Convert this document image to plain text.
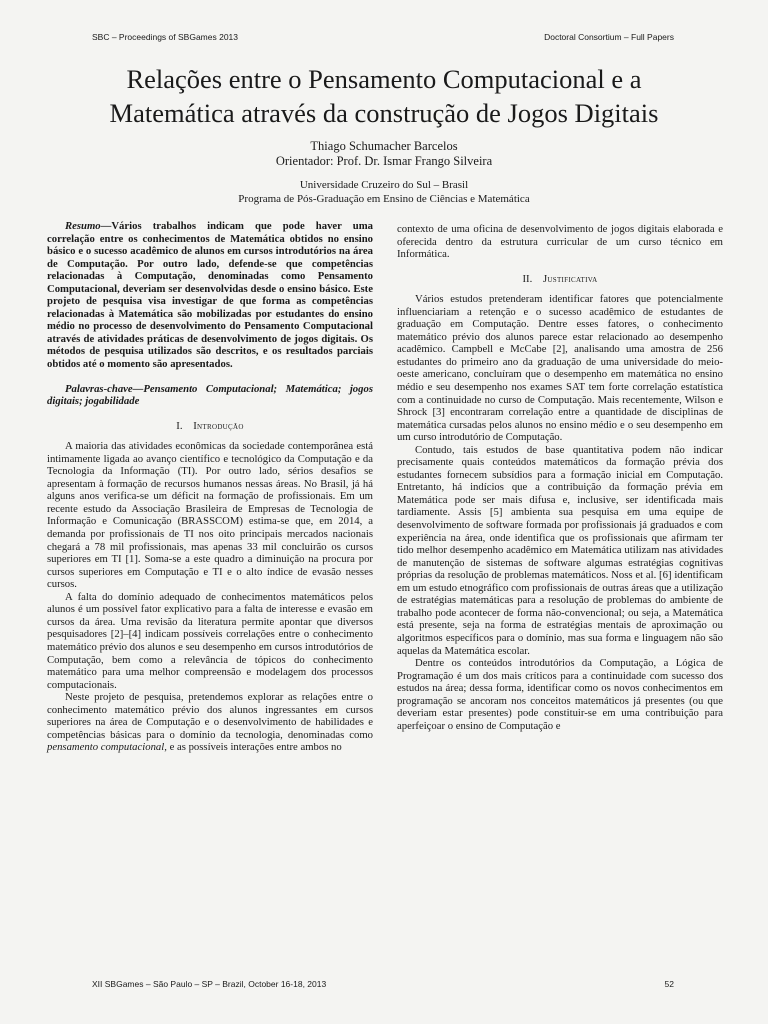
SBC – Proceedings of SBGames 2013	Doctoral Consortium – Full Papers
Relações entre o Pensamento Computacional e a
Matemática através da construção de Jogos Digitais
Thiago Schumacher Barcelos
Orientador: Prof. Dr. Ismar Frango Silveira
Universidade Cruzeiro do Sul – Brasil
Programa de Pós-Graduação em Ensino de Ciências e Matemática

Resumo—Vários trabalhos indicam que pode haver uma correlação entre os conhecimentos de Matemática obtidos no ensino básico e o sucesso acadêmico de alunos em cursos introdutórios na área de Computação. Por outro lado, defende-se que competências relacionadas à Computação, denominadas como Pensamento Computacional, deveriam ser desenvolvidas desde o ensino básico. Este projeto de pesquisa visa investigar de que forma as competências relacionadas à Matemática são mobilizadas por estudantes do ensino médio no processo de desenvolvimento do Pensamento Computacional através de atividades práticas de desenvolvimento de jogos digitais. Os métodos de pesquisa utilizados são descritos, e os resultados parciais obtidos até o momento são apresentados.

Palavras-chave—Pensamento Computacional; Matemática; jogos digitais; jogabilidade

I. Introdução

A maioria das atividades econômicas da sociedade contemporânea está intimamente ligada ao avanço científico e tecnológico da Computação e da Tecnologia da Informação (TI). Por outro lado, sérios desafios se apresentam à formação de recursos humanos nessas áreas. No Brasil, já há alguns anos verifica-se um déficit na formação de profissionais. Em um recente estudo da Associação Brasileira de Empresas de Tecnologia de Informação e Comunicação (BRASSCOM) estima-se que, em 2014, a demanda por profissionais de TI nos oito principais mercados nacionais chegará a 78 mil profissionais, mas apenas 33 mil concluirão os cursos superiores em TI [1]. Soma-se a este quadro a diminuição na procura por cursos superiores em Computação e TI e o alto índice de evasão nesses cursos.

A falta do domínio adequado de conhecimentos matemáticos pelos alunos é um possível fator explicativo para a falta de interesse e evasão em cursos da área. Uma revisão da literatura permite apontar que diversos pesquisadores [2]–[4] indicam possíveis correlações entre o conhecimento matemático prévio dos alunos e seu desempenho em cursos introdutórios de Computação, bem como a relevância de tópicos do conhecimento matemático para uma melhor compreensão e modelagem dos processos computacionais.

Neste projeto de pesquisa, pretendemos explorar as relações entre o conhecimento matemático prévio dos alunos ingressantes em cursos superiores na área de Computação e o desenvolvimento de habilidades e competências básicas para o domínio da tecnologia, denominadas como pensamento computacional, e as possíveis interações entre ambos no

contexto de uma oficina de desenvolvimento de jogos digitais elaborada e oferecida dentro da estrutura curricular de um curso técnico em Informática.

II. Justificativa

Vários estudos pretenderam identificar fatores que potencialmente influenciariam a retenção e o sucesso acadêmico de estudantes de graduação em Computação. Dentre esses fatores, o conhecimento matemático prévio dos alunos parece estar relacionado ao desempenho acadêmico. Campbell e McCabe [2], analisando uma amostra de 256 estudantes do primeiro ano da graduação de uma universidade do meio-oeste americano, concluíram que o desempenho em matemática no ensino médio e seu desempenho nos exames SAT tem forte correlação estatística com a continuidade no curso de Computação. Mais recentemente, Wilson e Shrock [3] encontraram correlação entre a quantidade de disciplinas de matemática cursadas pelos alunos no ensino médio e o seu desempenho em um curso introdutório de Computação.

Contudo, tais estudos de base quantitativa podem não indicar precisamente quais conteúdos matemáticos da formação prévia dos estudantes fornecem subsídios para a formação inicial em Computação. Entretanto, há indícios que a contribuição da formação prévia em Matemática pode ser mais difusa e, inclusive, ser identificada mais tardiamente. Assis [5] ambienta sua pesquisa em uma equipe de desenvolvimento de software formada por profissionais já graduados e com experiência na área, onde identifica que os profissionais que afirmam ter tido melhor desempenho acadêmico em Matemática utilizam nas atividades de manutenção de sistemas de software algumas estratégias cognitivas próprias da resolução de problemas matemáticos. Noss et al. [6] identificam em um estudo etnográfico com profissionais de outras áreas que a utilização de estratégias matemáticas para a resolução de problemas do ambiente de trabalho pode acontecer de forma não-convencional; ou seja, a Matemática está presente, seja na forma de estratégias mentais de aproximação ou algoritmos específicos para o domínio, mas sua forma e linguagem não são aquelas da Matemática escolar.

Dentre os conteúdos introdutórios da Computação, a Lógica de Programação é um dos mais críticos para a continuidade com sucesso dos estudos na área; dessa forma, identificar como os novos conhecimentos em programação se ancoram nos conceitos matemáticos já presentes (ou que deveriam estar presentes) pode constituir-se em uma contribuição para aperfeiçoar o ensino de Computação e

XII SBGames – São Paulo – SP – Brazil, October 16-18, 2013	52
